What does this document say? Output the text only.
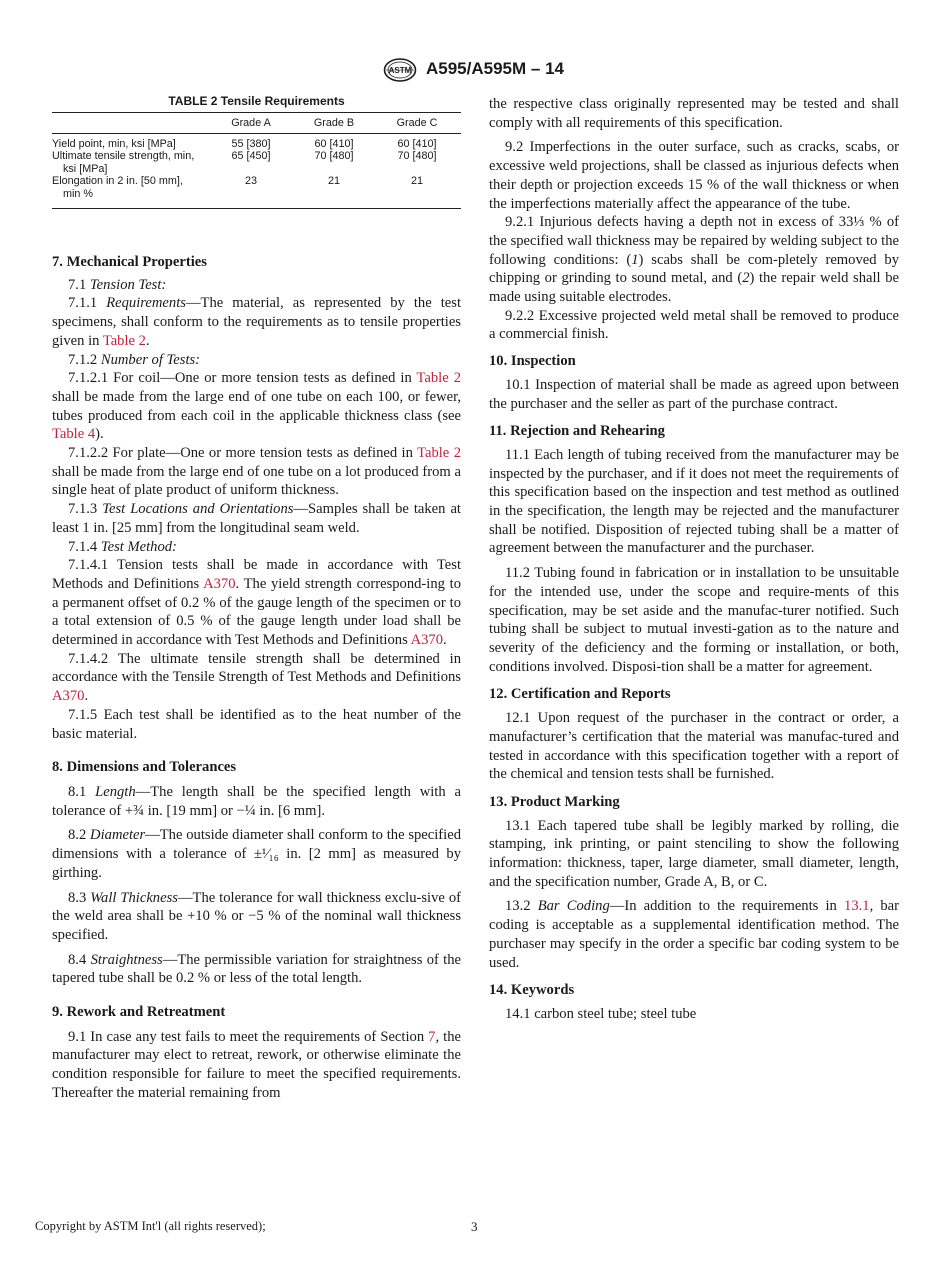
ASTM A595/A595M – 14
TABLE 2 Tensile Requirements
	Grade A	Grade B	Grade C
Yield point, min, ksi [MPa]	55 [380]	60 [410]	60 [410]
Ultimate tensile strength, min,
ksi [MPa]	65 [450]	70 [480]	70 [480]
Elongation in 2 in. [50 mm],
min %	23	21	21
7. Mechanical Properties

7.1 Tension Test:

7.1.1 Requirements—The material, as represented by the test specimens, shall conform to the requirements as to tensile properties given in Table 2.

7.1.2 Number of Tests:

7.1.2.1 For coil—One or more tension tests as defined in Table 2 shall be made from the large end of one tube on each 100, or fewer, tubes produced from each coil in the applicable thickness class (see Table 4).

7.1.2.2 For plate—One or more tension tests as defined in Table 2 shall be made from the large end of one tube on a lot produced from a single heat of plate product of uniform thickness.

7.1.3 Test Locations and Orientations—Samples shall be taken at least 1 in. [25 mm] from the longitudinal seam weld.

7.1.4 Test Method:

7.1.4.1 Tension tests shall be made in accordance with Test Methods and Definitions A370. The yield strength correspond-ing to a permanent offset of 0.2 % of the gauge length of the specimen or to a total extension of 0.5 % of the gauge length under load shall be determined in accordance with Test Methods and Definitions A370.

7.1.4.2 The ultimate tensile strength shall be determined in accordance with the Tensile Strength of Test Methods and Definitions A370.

7.1.5 Each test shall be identified as to the heat number of the basic material.

8. Dimensions and Tolerances

8.1 Length—The length shall be the specified length with a tolerance of +¾ in. [19 mm] or −¼ in. [6 mm].

8.2 Diameter—The outside diameter shall conform to the specified dimensions with a tolerance of ±¹⁄₁₆ in. [2 mm] as measured by girthing.

8.3 Wall Thickness—The tolerance for wall thickness exclu-sive of the weld area shall be +10 % or −5 % of the nominal wall thickness specified.

8.4 Straightness—The permissible variation for straightness of the tapered tube shall be 0.2 % or less of the total length.

9. Rework and Retreatment

9.1 In case any test fails to meet the requirements of Section 7, the manufacturer may elect to retreat, rework, or otherwise eliminate the condition responsible for failure to meet the specified requirements. Thereafter the material remaining from

the respective class originally represented may be tested and shall comply with all requirements of this specification.

9.2 Imperfections in the outer surface, such as cracks, scabs, or excessive weld projections, shall be classed as injurious defects when their depth or projection exceeds 15 % of the wall thickness or when the imperfections materially affect the appearance of the tube.

9.2.1 Injurious defects having a depth not in excess of 33⅓ % of the specified wall thickness may be repaired by welding subject to the following conditions: (1) scabs shall be com-pletely removed by chipping or grinding to sound metal, and (2) the repair weld shall be made using suitable electrodes.

9.2.2 Excessive projected weld metal shall be removed to produce a commercial finish.

10. Inspection

10.1 Inspection of material shall be made as agreed upon between the purchaser and the seller as part of the purchase contract.

11. Rejection and Rehearing

11.1 Each length of tubing received from the manufacturer may be inspected by the purchaser, and if it does not meet the requirements of this specification based on the inspection and test method as outlined in the specification, the length may be rejected and the manufacturer shall be notified. Disposition of rejected tubing shall be a matter of agreement between the manufacturer and the purchaser.

11.2 Tubing found in fabrication or in installation to be unsuitable for the intended use, under the scope and require-ments of this specification, may be set aside and the manufac-turer notified. Such tubing shall be subject to mutual investi-gation as to the nature and severity of the deficiency and the forming or installation, or both, conditions involved. Disposi-tion shall be a matter for agreement.

12. Certification and Reports

12.1 Upon request of the purchaser in the contract or order, a manufacturer’s certification that the material was manufac-tured and tested in accordance with this specification together with a report of the chemical and tension tests shall be furnished.

13. Product Marking

13.1 Each tapered tube shall be legibly marked by rolling, die stamping, ink printing, or paint stenciling to show the following information: thickness, taper, large diameter, small diameter, length, and the specification number, Grade A, B, or C.

13.2 Bar Coding—In addition to the requirements in 13.1, bar coding is acceptable as a supplemental identification method. The purchaser may specify in the order a specific bar coding system to be used.

14. Keywords

14.1 carbon steel tube; steel tube

Copyright by ASTM Int'l (all rights reserved);	3
